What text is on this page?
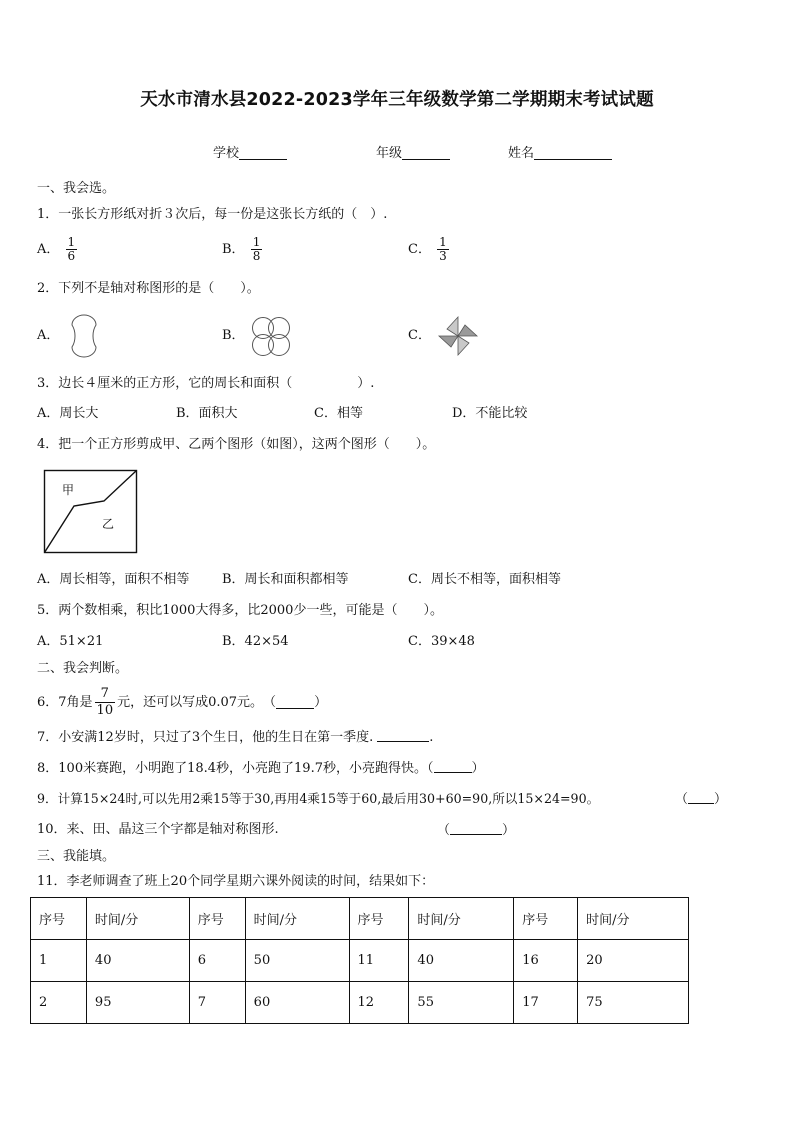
天水市清水县2022-2023学年三年级数学第二学期期末考试试题
学校	年级	姓名
一、我会选。
1．一张长方形纸对折３次后，每一份是这张长方纸的（　）.
A． $\frac{1}{6}$	B． $\frac{1}{8}$	C． $\frac{1}{3}$
2．下列不是轴对称图形的是（　　）。
A．	B．	C．
3．边长４厘米的正方形，它的周长和面积（　　　　　）.
A．周长大	B．面积大	C．相等	D．不能比较
4．把一个正方形剪成甲、乙两个图形（如图），这两个图形（　　）。
甲
乙
A．周长相等，面积不相等	B．周长和面积都相等	C．周长不相等，面积相等
5．两个数相乘，积比1000大得多，比2000少一些，可能是（　　）。
A．51×21	B．42×54	C．39×48
二、我会判断。
6．7角是 $\frac{7}{10}$ 元，还可以写成0.07元。 （	）
7．小安满12岁时，只过了3个生日，他的生日在第一季度.	.
8．100米赛跑，小明跑了18.4秒，小亮跑了19.7秒，小亮跑得快。（	）
9．计算15×24时,可以先用2乘15等于30,再用4乘15等于60,最后用30+60=90,所以15×24=90。	（ ）
10．来、田、晶这三个字都是轴对称图形.	（	）
三、我能填。
11．李老师调查了班上20个同学星期六课外阅读的时间，结果如下：
序号	时间/分	序号	时间/分	序号	时间/分	序号	时间/分
1	40	6	50	11	40	16	20
2	95	7	60	12	55	17	75
